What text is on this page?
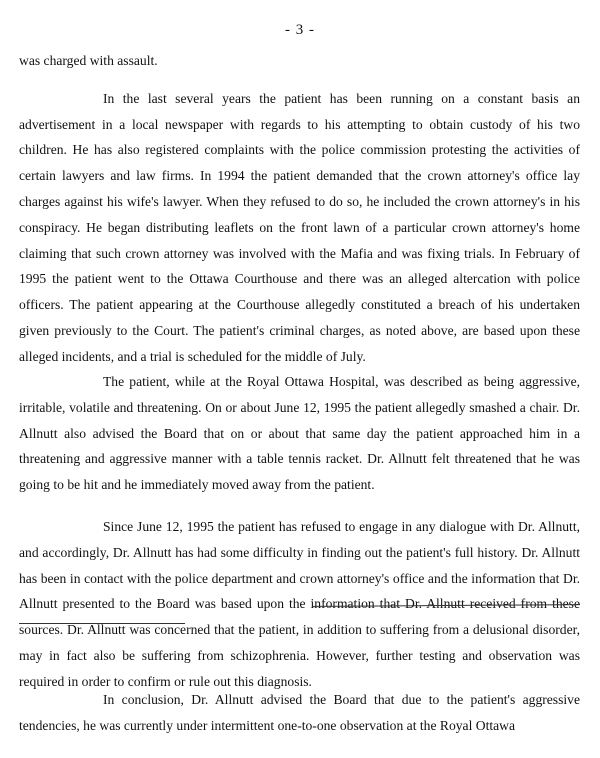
- 3 -

was charged with assault.

In the last several years the patient has been running on a constant basis an advertisement in a local newspaper with regards to his attempting to obtain custody of his two children. He has also registered complaints with the police commission protesting the activities of certain lawyers and law firms. In 1994 the patient demanded that the crown attorney's office lay charges against his wife's lawyer. When they refused to do so, he included the crown attorney's in his conspiracy. He began distributing leaflets on the front lawn of a particular crown attorney's home claiming that such crown attorney was involved with the Mafia and was fixing trials. In February of 1995 the patient went to the Ottawa Courthouse and there was an alleged altercation with police officers. The patient appearing at the Courthouse allegedly constituted a breach of his undertaken given previously to the Court. The patient's criminal charges, as noted above, are based upon these alleged incidents, and a trial is scheduled for the middle of July.

The patient, while at the Royal Ottawa Hospital, was described as being aggressive, irritable, volatile and threatening. On or about June 12, 1995 the patient allegedly smashed a chair. Dr. Allnutt also advised the Board that on or about that same day the patient approached him in a threatening and aggressive manner with a table tennis racket. Dr. Allnutt felt threatened that he was going to be hit and he immediately moved away from the patient.

Since June 12, 1995 the patient has refused to engage in any dialogue with Dr. Allnutt, and accordingly, Dr. Allnutt has had some difficulty in finding out the patient's full history. Dr. Allnutt has been in contact with the police department and crown attorney's office and the information that Dr. Allnutt presented to the Board was based upon the information that Dr. Allnutt received from these sources. Dr. Allnutt was concerned that the patient, in addition to suffering from a delusional disorder, may in fact also be suffering from schizophrenia. However, further testing and observation was required in order to confirm or rule out this diagnosis.

In conclusion, Dr. Allnutt advised the Board that due to the patient's aggressive tendencies, he was currently under intermittent one-to-one observation at the Royal Ottawa
